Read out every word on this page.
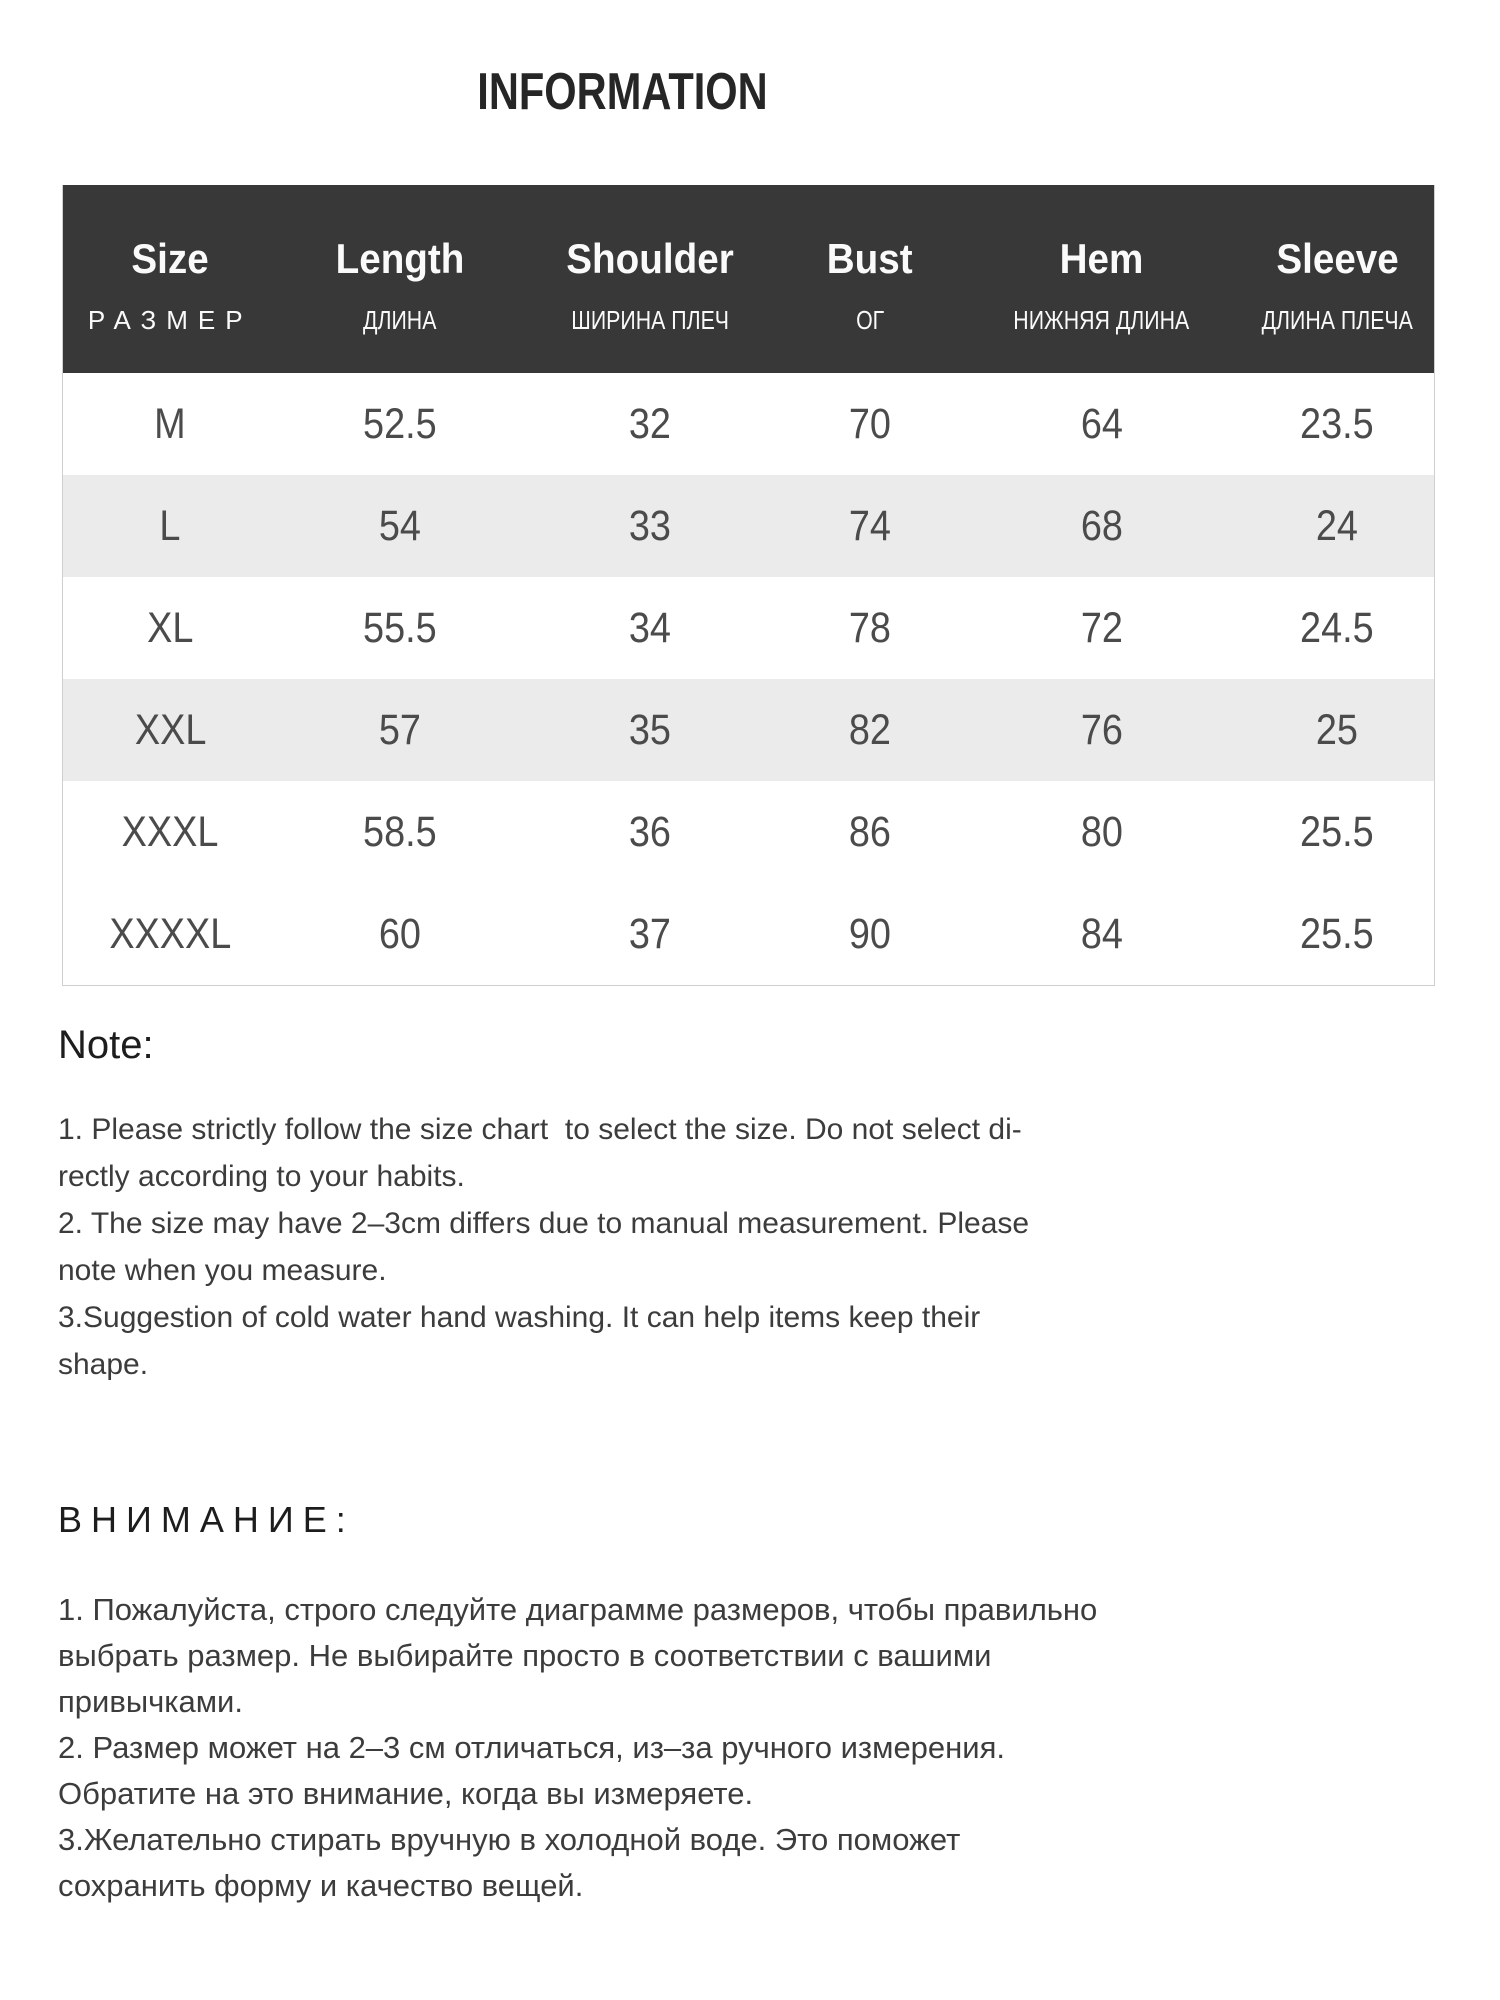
INFORMATION
Size	Length	Shoulder	Bust	Hem	Sleeve
РАЗМЕР	ДЛИНА	ШИРИНА ПЛЕЧ	ОГ	НИЖНЯЯ ДЛИНА	ДЛИНА ПЛЕЧА
M	52.5	32	70	64	23.5
L	54	33	74	68	24
XL	55.5	34	78	72	24.5
XXL	57	35	82	76	25
XXXL	58.5	36	86	80	25.5
XXXXL	60	37	90	84	25.5
Note:
1. Please strictly follow the size chart  to select the size. Do not select di-
rectly according to your habits.
2. The size may have 2–3cm differs due to manual measurement. Please
note when you measure.
3.Suggestion of cold water hand washing. It can help items keep their
shape.
ВНИМАНИЕ:
1. Пожалуйста, строго следуйте диаграмме размеров, чтобы правильно
выбрать размер. Не выбирайте просто в соответствии с вашими
привычками.
2. Размер может на 2–3 см отличаться, из–за ручного измерения.
Обратите на это внимание, когда вы измеряете.
3.Желательно стирать вручную в холодной воде. Это поможет
сохранить форму и качество вещей.
